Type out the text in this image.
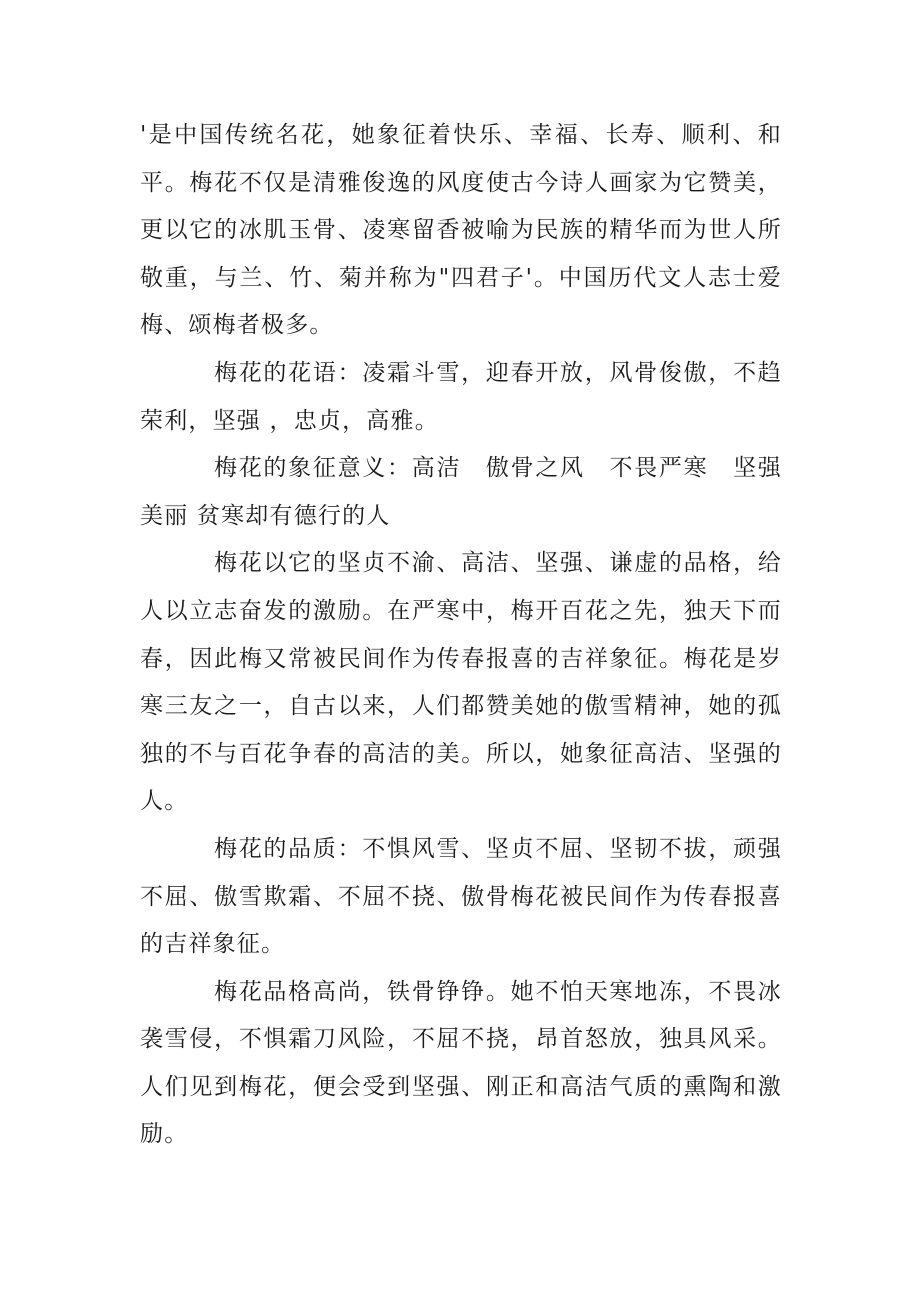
'是中国传统名花，她象征着快乐、幸福、长寿、顺利、和平。梅花不仅是清雅俊逸的风度使古今诗人画家为它赞美，更以它的冰肌玉骨、凌寒留香被喻为民族的精华而为世人所敬重，与兰、竹、菊并称为"四君子'。中国历代文人志士爱梅、颂梅者极多。

梅花的花语：凌霜斗雪，迎春开放，风骨俊傲，不趋荣利，坚强 ，忠贞，高雅。

梅花的象征意义：高洁　傲骨之风　不畏严寒　坚强美丽 贫寒却有德行的人

梅花以它的坚贞不渝、高洁、坚强、谦虚的品格，给人以立志奋发的激励。在严寒中，梅开百花之先，独天下而春，因此梅又常被民间作为传春报喜的吉祥象征。梅花是岁寒三友之一，自古以来，人们都赞美她的傲雪精神，她的孤独的不与百花争春的高洁的美。所以，她象征高洁、坚强的人。

梅花的品质：不惧风雪、坚贞不屈、坚韧不拔，顽强不屈、傲雪欺霜、不屈不挠、傲骨梅花被民间作为传春报喜的吉祥象征。

梅花品格高尚，铁骨铮铮。她不怕天寒地冻，不畏冰袭雪侵，不惧霜刀风险，不屈不挠，昂首怒放，独具风采。人们见到梅花，便会受到坚强、刚正和高洁气质的熏陶和激励。
